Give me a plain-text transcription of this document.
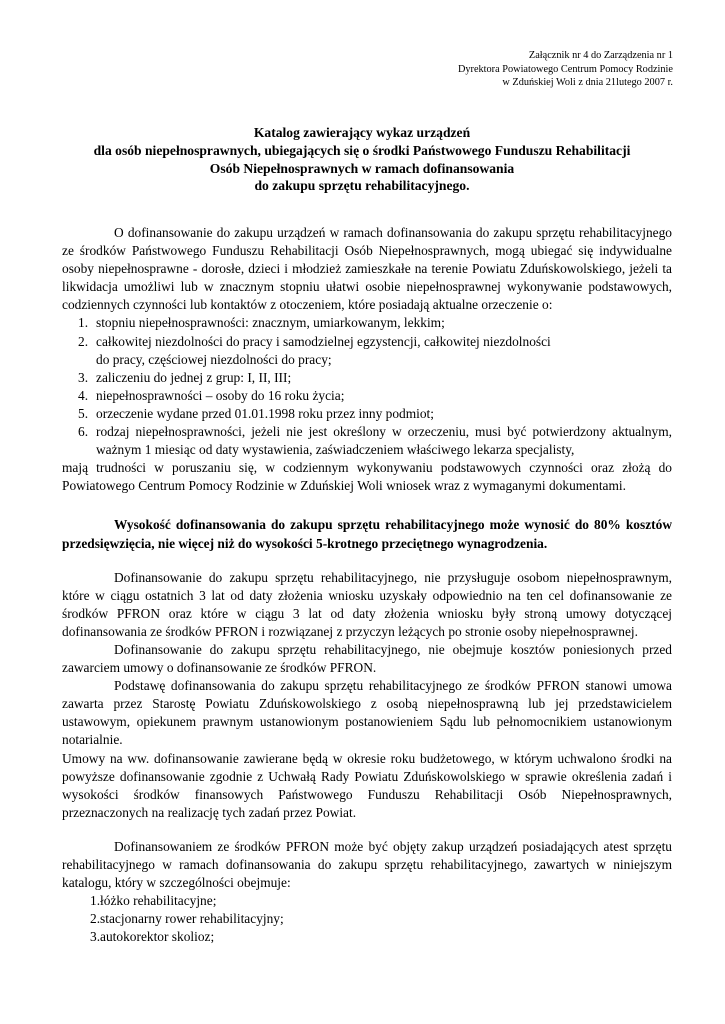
Załącznik nr 4 do Zarządzenia nr 1
Dyrektora Powiatowego Centrum Pomocy Rodzinie
w Zduńskiej Woli z dnia 21lutego 2007 r.
Katalog zawierający wykaz urządzeń
dla osób niepełnosprawnych, ubiegających się o środki Państwowego Funduszu Rehabilitacji
Osób Niepełnosprawnych w ramach dofinansowania
do zakupu sprzętu rehabilitacyjnego.

O dofinansowanie do zakupu urządzeń w ramach dofinansowania do zakupu sprzętu rehabilitacyjnego ze środków Państwowego Funduszu Rehabilitacji Osób Niepełnosprawnych, mogą ubiegać się indywidualne osoby niepełnosprawne - dorosłe, dzieci i młodzież zamieszkałe na terenie Powiatu Zduńskowolskiego, jeżeli ta likwidacja umożliwi lub w znacznym stopniu ułatwi osobie niepełnosprawnej wykonywanie podstawowych, codziennych czynności lub kontaktów z otoczeniem, które posiadają aktualne orzeczenie o:

1. stopniu niepełnosprawności: znacznym, umiarkowanym, lekkim;
2. całkowitej niezdolności do pracy i samodzielnej egzystencji, całkowitej niezdolności
do pracy, częściowej niezdolności do pracy;
3. zaliczeniu do jednej z grup: I, II, III;
4. niepełnosprawności – osoby do 16 roku życia;
5. orzeczenie wydane przed 01.01.1998 roku przez inny podmiot;
6. rodzaj niepełnosprawności, jeżeli nie jest określony w orzeczeniu, musi być potwierdzony aktualnym, ważnym 1 miesiąc od daty wystawienia, zaświadczeniem właściwego lekarza specjalisty,

mają trudności w poruszaniu się, w codziennym wykonywaniu podstawowych czynności oraz złożą do Powiatowego Centrum Pomocy Rodzinie w Zduńskiej Woli wniosek wraz z wymaganymi dokumentami.

Wysokość dofinansowania do zakupu sprzętu rehabilitacyjnego może wynosić do 80% kosztów przedsięwzięcia, nie więcej niż do wysokości 5-krotnego przeciętnego wynagrodzenia.

Dofinansowanie do zakupu sprzętu rehabilitacyjnego, nie przysługuje osobom niepełnosprawnym, które w ciągu ostatnich 3 lat od daty złożenia wniosku uzyskały odpowiednio na ten cel dofinansowanie ze środków PFRON oraz które w ciągu 3 lat od daty złożenia wniosku były stroną umowy dotyczącej dofinansowania ze środków PFRON i rozwiązanej z przyczyn leżących po stronie osoby niepełnosprawnej.

Dofinansowanie do zakupu sprzętu rehabilitacyjnego, nie obejmuje kosztów poniesionych przed zawarciem umowy o dofinansowanie ze środków PFRON.

Podstawę dofinansowania do zakupu sprzętu rehabilitacyjnego ze środków PFRON stanowi umowa zawarta przez Starostę Powiatu Zduńskowolskiego z osobą niepełnosprawną lub jej przedstawicielem ustawowym, opiekunem prawnym ustanowionym postanowieniem Sądu lub pełnomocnikiem ustanowionym notarialnie.

Umowy na ww. dofinansowanie zawierane będą w okresie roku budżetowego, w którym uchwalono środki na powyższe dofinansowanie zgodnie z Uchwałą Rady Powiatu Zduńskowolskiego w sprawie określenia zadań i wysokości środków finansowych Państwowego Funduszu Rehabilitacji Osób Niepełnosprawnych, przeznaczonych na realizację tych zadań przez Powiat.

Dofinansowaniem ze środków PFRON może być objęty zakup urządzeń posiadających atest sprzętu rehabilitacyjnego w ramach dofinansowania do zakupu sprzętu rehabilitacyjnego, zawartych w niniejszym katalogu, który w szczególności obejmuje:

1.łóżko rehabilitacyjne;
2.stacjonarny rower rehabilitacyjny;
3.autokorektor skolioz;
